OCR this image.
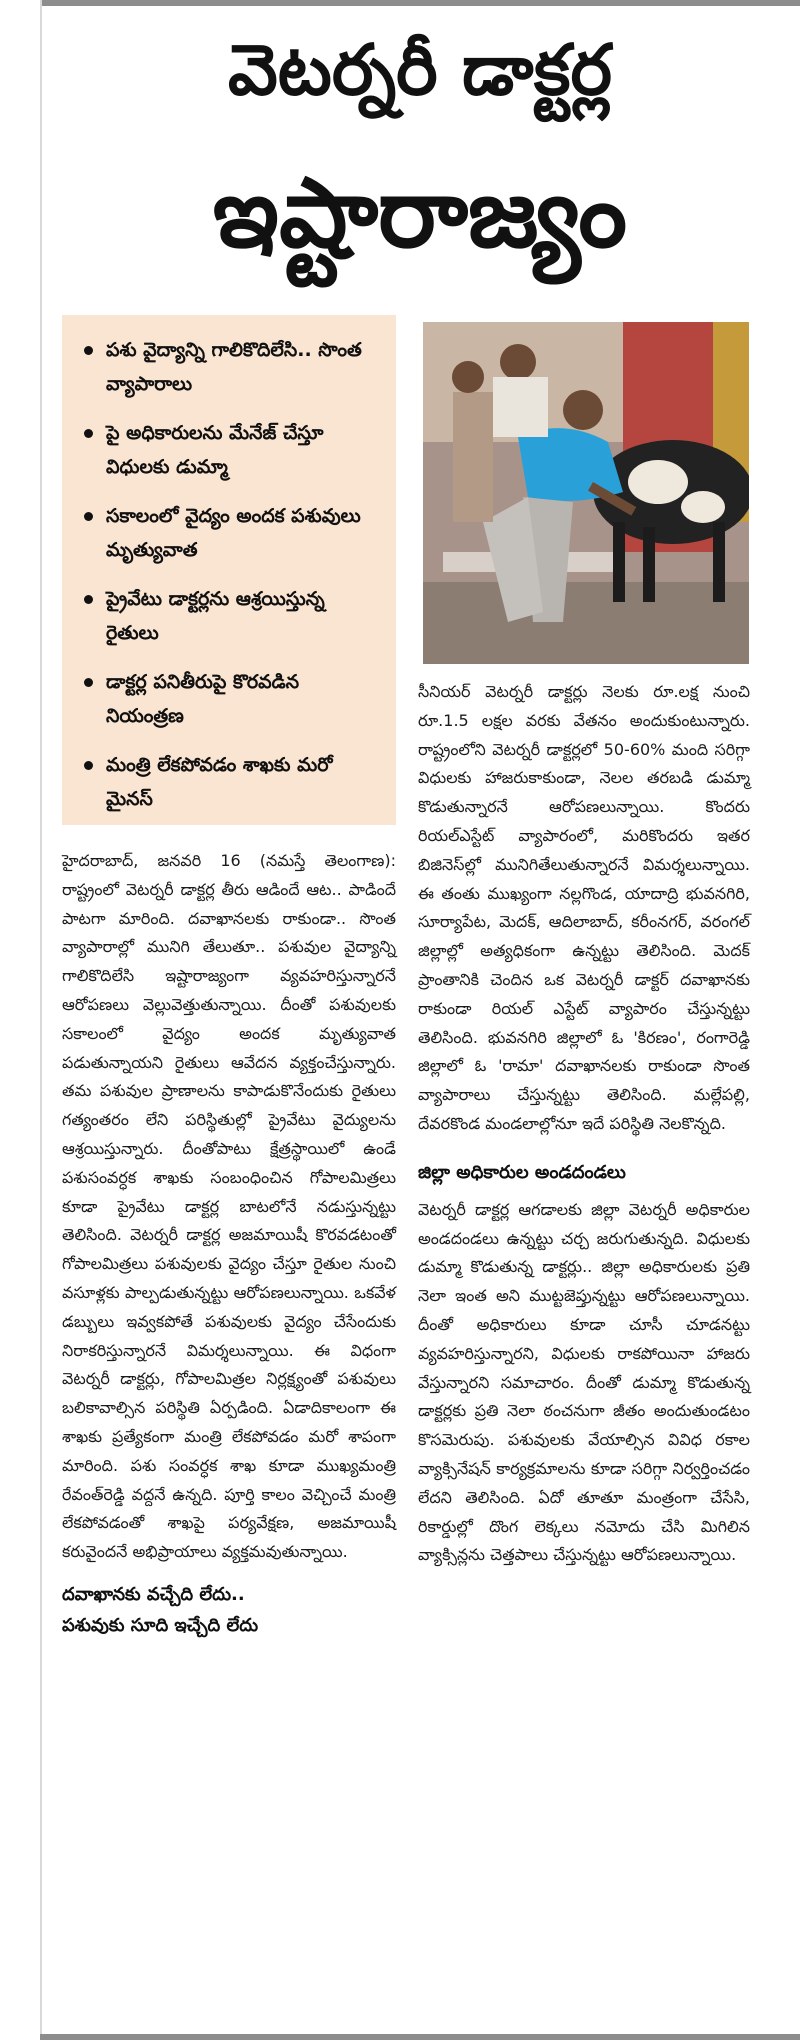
వెటర్నరీ డాక్టర్ల
ఇష్టారాజ్యం
పశు వైద్యాన్ని గాలికొదిలేసి.. సొంత వ్యాపారాలు
పై అధికారులను మేనేజ్ చేస్తూ విధులకు డుమ్మా
సకాలంలో వైద్యం అందక పశువులు మృత్యువాత
ప్రైవేటు డాక్టర్లను ఆశ్రయిస్తున్న రైతులు
డాక్టర్ల పనితీరుపై కొరవడిన నియంత్రణ
మంత్రి లేకపోవడం శాఖకు మరో మైనస్

హైదరాబాద్, జనవరి 16 (నమస్తే తెలంగాణ): రాష్ట్రంలో వెటర్నరీ డాక్టర్ల తీరు ఆడిందే ఆట.. పాడిందే పాటగా మారింది. దవాఖానలకు రాకుండా.. సొంత వ్యాపారాల్లో మునిగి తేలుతూ.. పశువుల వైద్యాన్ని గాలికొదిలేసి ఇష్టారాజ్యంగా వ్యవహరిస్తున్నారనే ఆరోపణలు వెల్లువెత్తుతున్నాయి. దీంతో పశువులకు సకాలంలో వైద్యం అందక మృత్యువాత పడుతున్నాయని రైతులు ఆవేదన వ్యక్తంచేస్తున్నారు. తమ పశువుల ప్రాణాలను కాపాడుకొనేందుకు రైతులు గత్యంతరం లేని పరిస్థితుల్లో ప్రైవేటు వైద్యులను ఆశ్రయిస్తున్నారు. దీంతోపాటు క్షేత్రస్థాయిలో ఉండే పశుసంవర్ధక శాఖకు సంబంధించిన గోపాలమిత్రలు కూడా ప్రైవేటు డాక్టర్ల బాటలోనే నడుస్తున్నట్టు తెలిసింది. వెటర్నరీ డాక్టర్ల అజమాయిషీ కొరవడటంతో గోపాలమిత్రలు పశువులకు వైద్యం చేస్తూ రైతుల నుంచి వసూళ్లకు పాల్పడుతున్నట్టు ఆరోపణలున్నాయి. ఒకవేళ డబ్బులు ఇవ్వకపోతే పశువులకు వైద్యం చేసేందుకు నిరాకరిస్తున్నారనే విమర్శలున్నాయి. ఈ విధంగా వెటర్నరీ డాక్టర్లు, గోపాలమిత్రల నిర్లక్ష్యంతో పశువులు బలికావాల్సిన పరిస్థితి ఏర్పడింది. ఏడాదికాలంగా ఈ శాఖకు ప్రత్యేకంగా మంత్రి లేకపోవడం మరో శాపంగా మారింది. పశు సంవర్ధక శాఖ కూడా ముఖ్యమంత్రి రేవంత్‌రెడ్డి వద్దనే ఉన్నది. పూర్తి కాలం వెచ్చించే మంత్రి లేకపోవడంతో శాఖపై పర్యవేక్షణ, అజమాయిషీ కరువైందనే అభిప్రాయాలు వ్యక్తమవుతున్నాయి.

దవాఖానకు వచ్చేది లేదు..

పశువుకు సూది ఇచ్చేది లేదు

సీనియర్ వెటర్నరీ డాక్టర్లు నెలకు రూ.లక్ష నుంచి రూ.1.5 లక్షల వరకు వేతనం అందుకుంటున్నారు. రాష్ట్రంలోని వెటర్నరీ డాక్టర్లలో 50-60% మంది సరిగ్గా విధులకు హాజరుకాకుండా, నెలల తరబడి డుమ్మా కొడుతున్నారనే ఆరోపణలున్నాయి. కొందరు రియల్‌ఎస్టేట్ వ్యాపారంలో, మరికొందరు ఇతర బిజినెస్‌ల్లో మునిగితేలుతున్నారనే విమర్శలున్నాయి. ఈ తంతు ముఖ్యంగా నల్లగొండ, యాదాద్రి భువనగిరి, సూర్యాపేట, మెదక్, ఆదిలాబాద్, కరీంనగర్, వరంగల్ జిల్లాల్లో అత్యధికంగా ఉన్నట్టు తెలిసింది. మెదక్ ప్రాంతానికి చెందిన ఒక వెటర్నరీ డాక్టర్ దవాఖానకు రాకుండా రియల్ ఎస్టేట్ వ్యాపారం చేస్తున్నట్టు తెలిసింది. భువనగిరి జిల్లాలో ఓ 'కిరణం', రంగారెడ్డి జిల్లాలో ఓ 'రామా' దవాఖానలకు రాకుండా సొంత వ్యాపారాలు చేస్తున్నట్టు తెలిసింది. మల్లేపల్లి, దేవరకొండ మండలాల్లోనూ ఇదే పరిస్థితి నెలకొన్నది.

జిల్లా అధికారుల అండదండలు

వెటర్నరీ డాక్టర్ల ఆగడాలకు జిల్లా వెటర్నరీ అధికారుల అండదండలు ఉన్నట్టు చర్చ జరుగుతున్నది. విధులకు డుమ్మా కొడుతున్న డాక్టర్లు.. జిల్లా అధికారులకు ప్రతి నెలా ఇంత అని ముట్టజెప్తున్నట్టు ఆరోపణలున్నాయి. దీంతో అధికారులు కూడా చూసీ చూడనట్టు వ్యవహరిస్తున్నారని, విధులకు రాకపోయినా హాజరు వేస్తున్నారని సమాచారం. దీంతో డుమ్మా కొడుతున్న డాక్టర్లకు ప్రతి నెలా ఠంచనుగా జీతం అందుతుండటం కొసమెరుపు. పశువులకు వేయాల్సిన వివిధ రకాల వ్యాక్సినేషన్ కార్యక్రమాలను కూడా సరిగ్గా నిర్వర్తించడం లేదని తెలిసింది. ఏదో తూతూ మంత్రంగా చేసేసి, రికార్డుల్లో దొంగ లెక్కలు నమోదు చేసి మిగిలిన వ్యాక్సిన్లను చెత్తపాలు చేస్తున్నట్టు ఆరోపణలున్నాయి.
